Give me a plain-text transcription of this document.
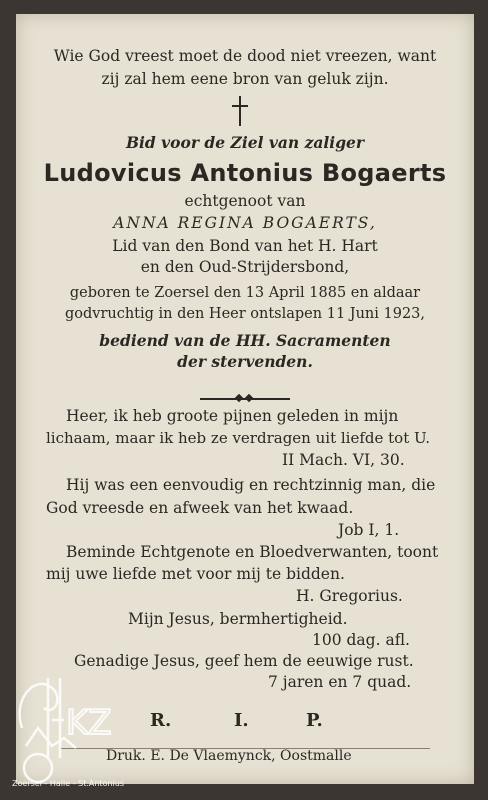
Wie God vreest moet de dood niet vreezen, want
zij zal hem eene bron van geluk zijn.
Bid voor de Ziel van zaliger
Ludovicus Antonius Bogaerts
echtgenoot van
ANNA REGINA BOGAERTS,
Lid van den Bond van het H. Hart
en den Oud-Strijdersbond,
geboren te Zoersel den 13 April 1885 en aldaar
godvruchtig in den Heer ontslapen 11 Juni 1923,
bediend van de HH. Sacramenten
der stervenden.
Heer, ik heb groote pijnen geleden in mijn
lichaam, maar ik heb ze verdragen uit liefde tot U.
II Mach. VI, 30.
Hij was een eenvoudig en rechtzinnig man, die
God vreesde en afweek van het kwaad.
Job I, 1.
Beminde Echtgenote en Bloedverwanten, toont
mij uwe liefde met voor mij te bidden.
H. Gregorius.
Mijn Jesus, bermhertigheid.
100 dag. afl.
Genadige Jesus, geef hem de eeuwige rust.
7 jaren en 7 quad.
R.	I.	P.
Druk. E. De Vlaemynck, Oostmalle
KZ
Zoersel - Halle - St.Antonius
